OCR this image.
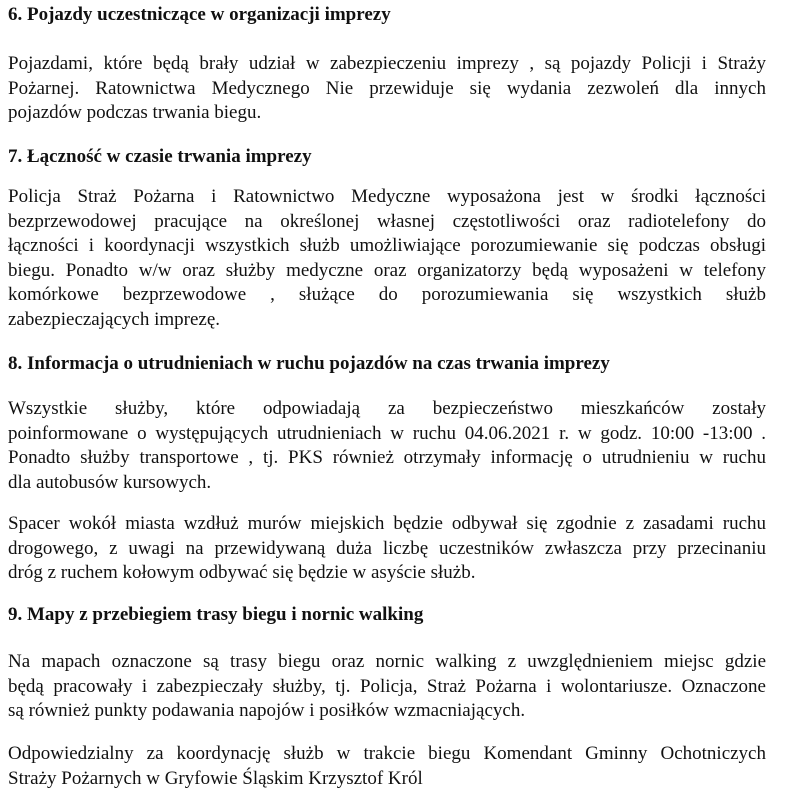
6. Pojazdy uczestniczące w organizacji imprezy

Pojazdami, które będą brały udział w zabezpieczeniu imprezy , są pojazdy Policji i Straży
Pożarnej. Ratownictwa Medycznego Nie przewiduje się wydania zezwoleń dla innych
pojazdów podczas trwania biegu.

7. Łączność w czasie trwania imprezy

Policja Straż Pożarna i Ratownictwo Medyczne wyposażona jest w środki łączności
bezprzewodowej pracujące na określonej własnej częstotliwości oraz radiotelefony do
łączności i koordynacji wszystkich służb umożliwiające porozumiewanie się podczas obsługi
biegu. Ponadto w/w oraz służby medyczne oraz organizatorzy będą wyposażeni w telefony
komórkowe bezprzewodowe , służące do porozumiewania się wszystkich służb
zabezpieczających imprezę.

8. Informacja o utrudnieniach w ruchu pojazdów na czas trwania imprezy

Wszystkie służby, które odpowiadają za bezpieczeństwo mieszkańców zostały
poinformowane o występujących utrudnieniach w ruchu 04.06.2021 r. w godz. 10:00 -13:00 .
Ponadto służby transportowe , tj. PKS również otrzymały informację o utrudnieniu w ruchu
dla autobusów kursowych.

Spacer wokół miasta wzdłuż murów miejskich będzie odbywał się zgodnie z zasadami ruchu
drogowego, z uwagi na przewidywaną duża liczbę uczestników zwłaszcza przy przecinaniu
dróg z ruchem kołowym odbywać się będzie w asyście służb.

9. Mapy z przebiegiem trasy biegu i nornic walking

Na mapach oznaczone są trasy biegu oraz nornic walking z uwzględnieniem miejsc gdzie
będą pracowały i zabezpieczały służby, tj. Policja, Straż Pożarna i wolontariusze. Oznaczone
są również punkty podawania napojów i posiłków wzmacniających.

Odpowiedzialny za koordynację służb w trakcie biegu Komendant Gminny Ochotniczych
Straży Pożarnych w Gryfowie Śląskim Krzysztof Król
